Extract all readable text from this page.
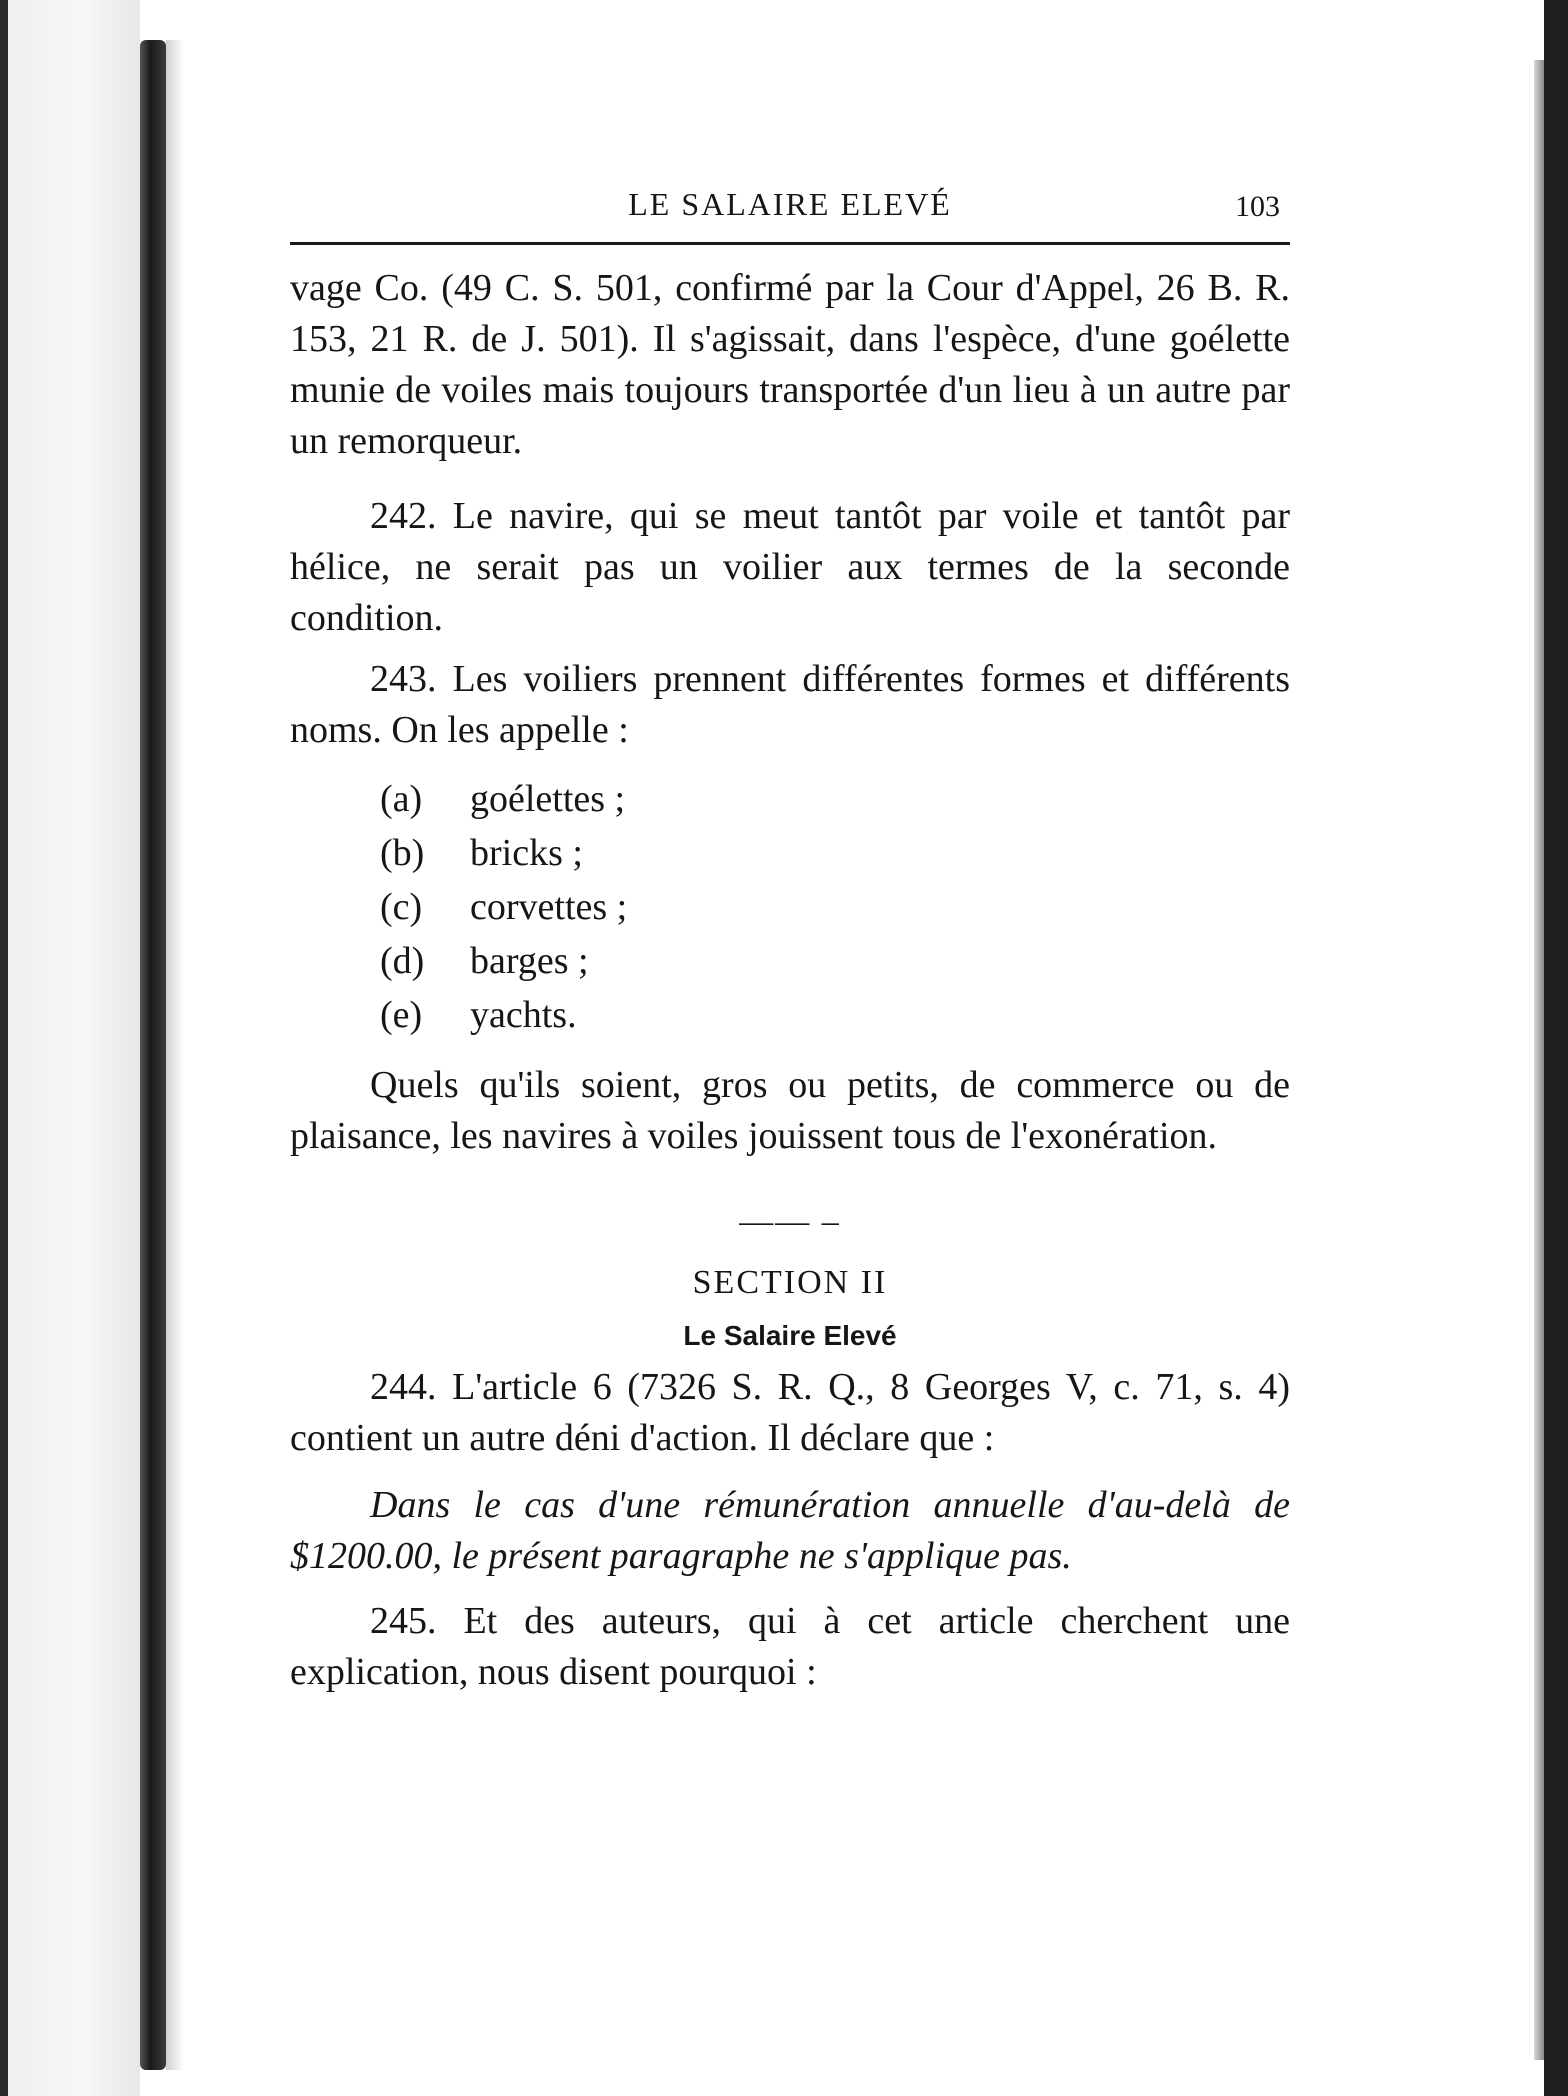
LE SALAIRE ELEVÉ	103

vage Co. (49 C. S. 501, confirmé par la Cour d'Appel, 26 B. R. 153, 21 R. de J. 501). Il s'agissait, dans l'espèce, d'une goélette munie de voiles mais toujours transportée d'un lieu à un autre par un remorqueur.

242. Le navire, qui se meut tantôt par voile et tantôt par hélice, ne serait pas un voilier aux termes de la seconde condition.

243. Les voiliers prennent différentes formes et différents noms. On les appelle :

(a) goélettes ;
(b) bricks ;
(c) corvettes ;
(d) barges ;
(e) yachts.

Quels qu'ils soient, gros ou petits, de commerce ou de plaisance, les navires à voiles jouissent tous de l'exonération.

—— –
SECTION II
Le Salaire Elevé

244. L'article 6 (7326 S. R. Q., 8 Georges V, c. 71, s. 4) contient un autre déni d'action. Il déclare que :

Dans le cas d'une rémunération annuelle d'au-delà de $1200.00, le présent paragraphe ne s'applique pas.

245. Et des auteurs, qui à cet article cherchent une explication, nous disent pourquoi :
